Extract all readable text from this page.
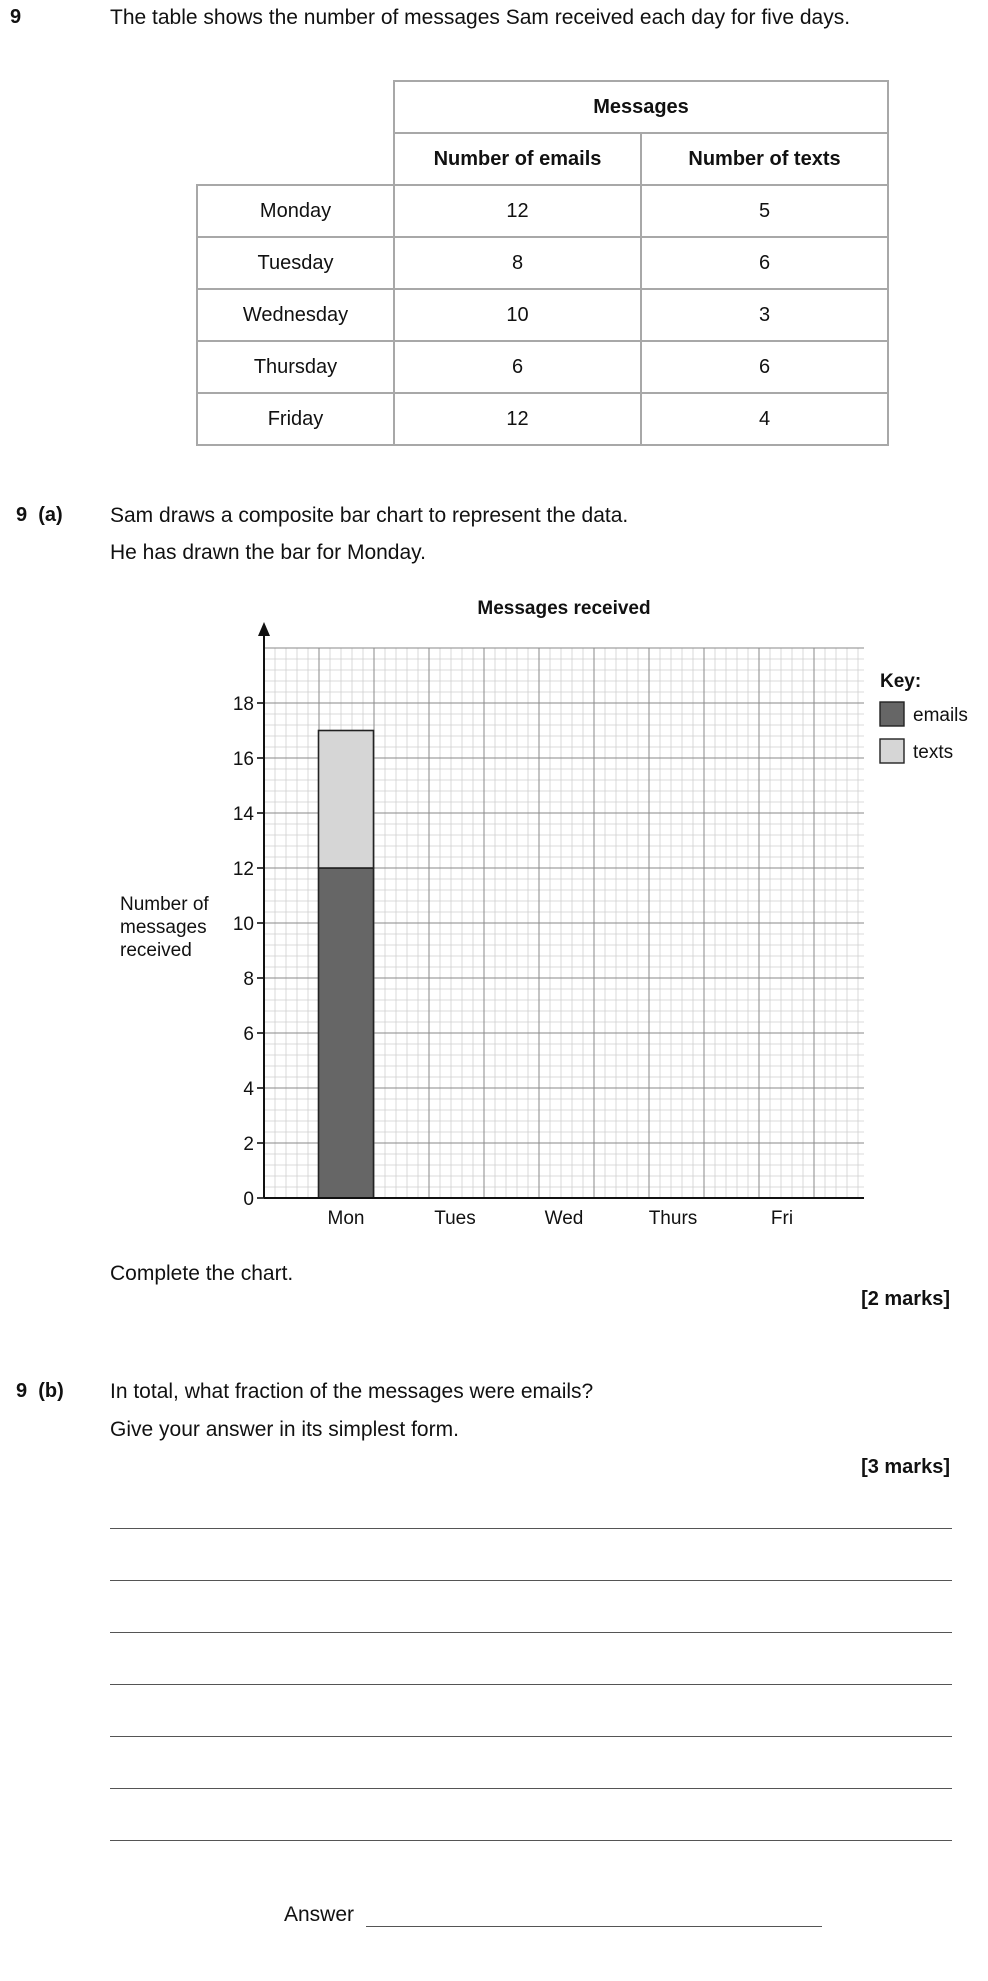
9	The table shows the number of messages Sam received each day for five days.
	Messages	
	Number of emails	Number of texts
Monday	12	5
Tuesday	8	6
Wednesday	10	3
Thursday	6	6
Friday	12	4
9 (a) Sam draws a composite bar chart to represent the data.
He has drawn the bar for Monday.
0
2
4
6
8
10
12
14
16
18
Mon	Tues	Wed	Thurs	Fri
Messages received
Number of
messages
received
Key:
emails
texts
Complete the chart.
[2 marks]
9 (b) In total, what fraction of the messages were emails?
Give your answer in its simplest form.
[3 marks]
Answer
